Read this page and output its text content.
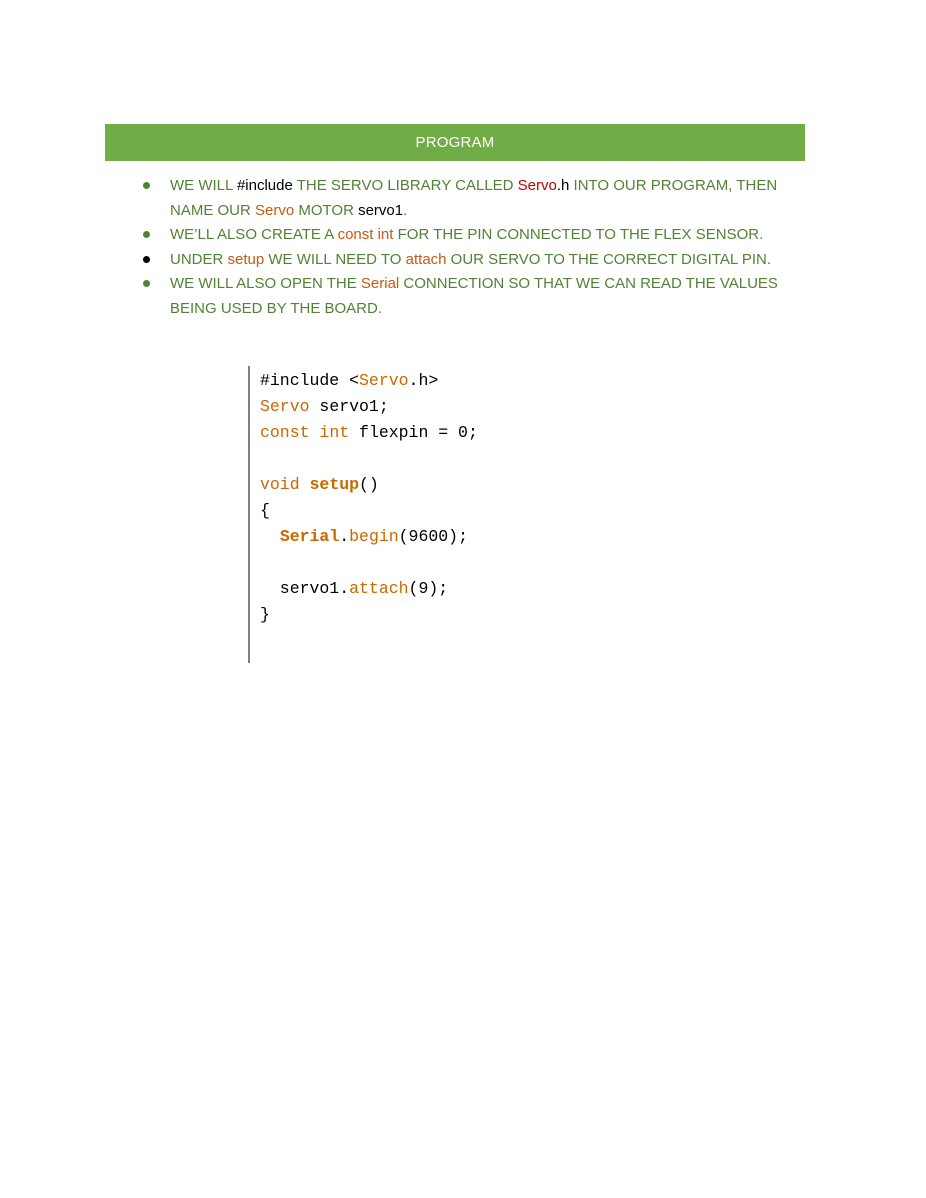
PROGRAM
WE WILL #include THE SERVO LIBRARY CALLED Servo.h INTO OUR PROGRAM, THEN NAME OUR Servo MOTOR servo1.
WE’LL ALSO CREATE A const int FOR THE PIN CONNECTED TO THE FLEX SENSOR.
UNDER setup WE WILL NEED TO attach OUR SERVO TO THE CORRECT DIGITAL PIN.
WE WILL ALSO OPEN THE Serial CONNECTION SO THAT WE CAN READ THE VALUES BEING USED BY THE BOARD.
#include <Servo.h>
Servo servo1;
const int flexpin = 0;
void setup()
{
Serial.begin(9600);
servo1.attach(9);
}
